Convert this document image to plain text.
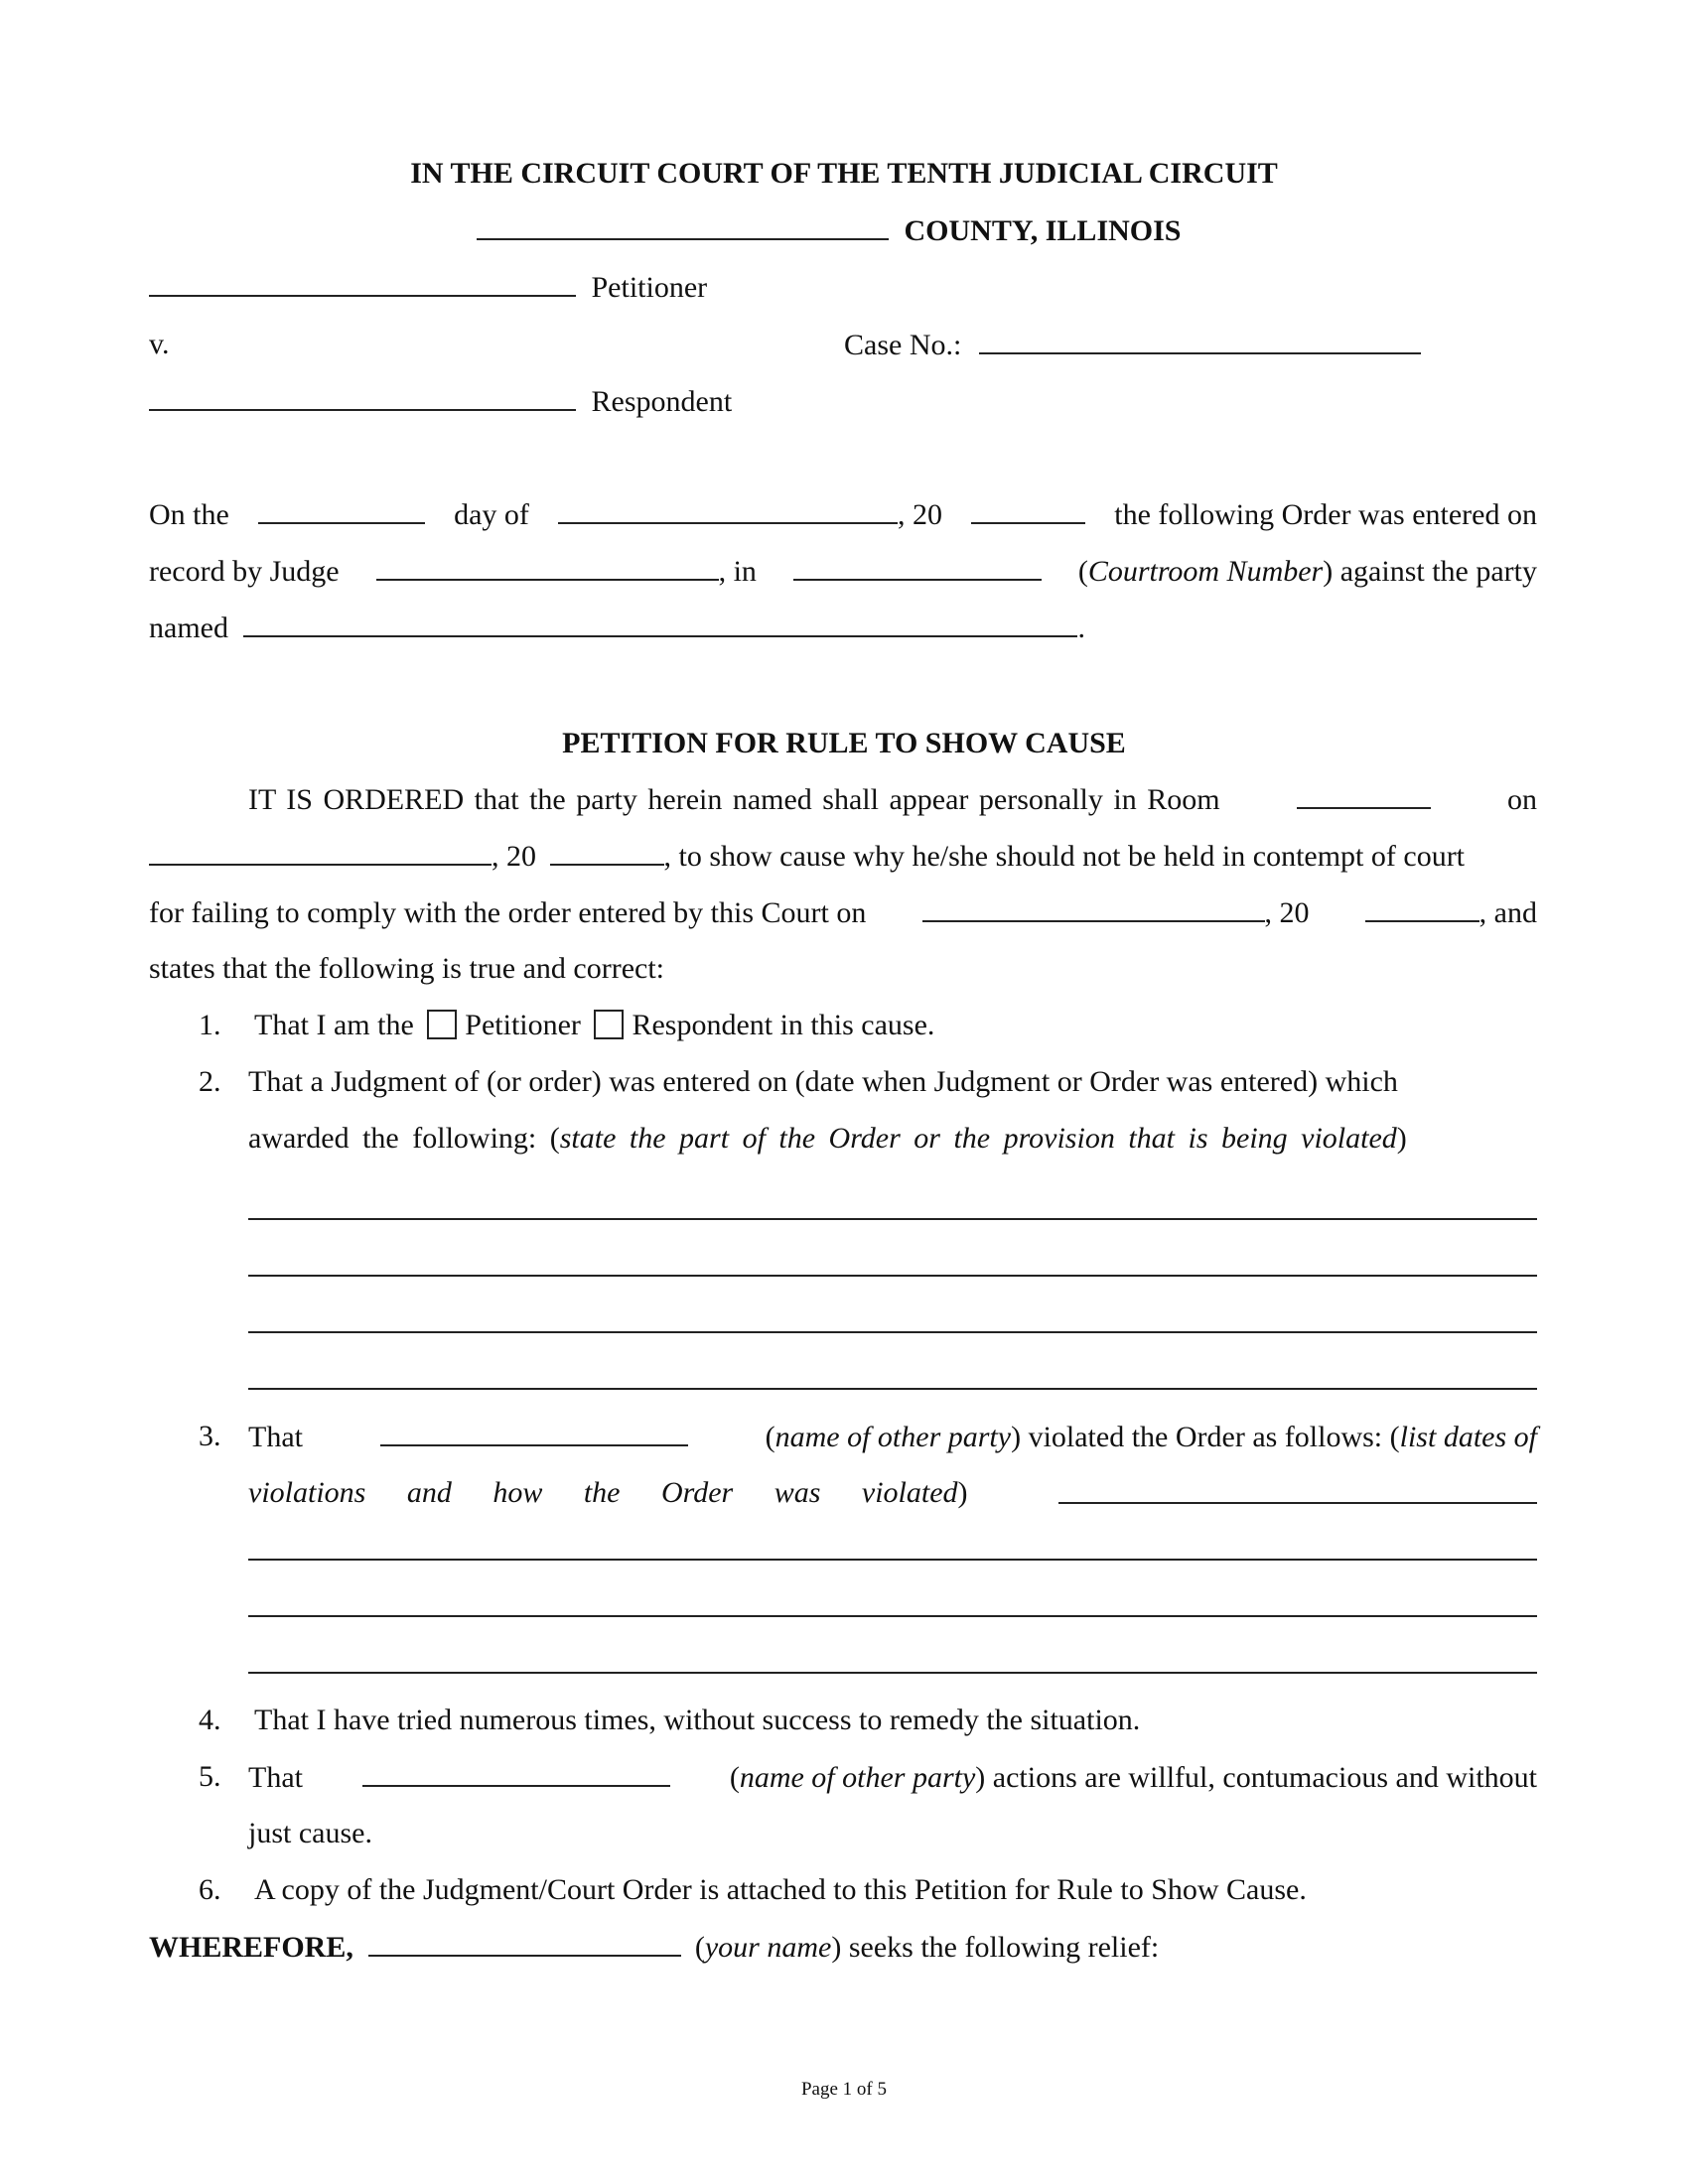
IN THE CIRCUIT COURT OF THE TENTH JUDICIAL CIRCUIT
COUNTY, ILLINOIS
Petitioner
v.	Case No.:
Respondent
On the	day of	, 20	the following Order was entered on
record by Judge	, in	(Courtroom Number) against the party
named	.
PETITION FOR RULE TO SHOW CAUSE
IT IS ORDERED that the party herein named shall appear personally in Room	on
, 20	, to show cause why he/she should not be held in contempt of court
for failing to comply with the order entered by this Court on	, 20	, and
states that the following is true and correct:
1. That I am the Petitioner Respondent in this cause.
2. That a Judgment of (or order) was entered on (date when Judgment or Order was entered) which
awarded the following: (state the part of the Order or the provision that is being violated)
3. That	(name of other party) violated the Order as follows: (list dates of
violations and how the Order was violated)
4. That I have tried numerous times, without success to remedy the situation.
5. That	(name of other party) actions are willful, contumacious and without
just cause.
6. A copy of the Judgment/Court Order is attached to this Petition for Rule to Show Cause.
WHEREFORE,	(your name) seeks the following relief:
Page 1 of 5
